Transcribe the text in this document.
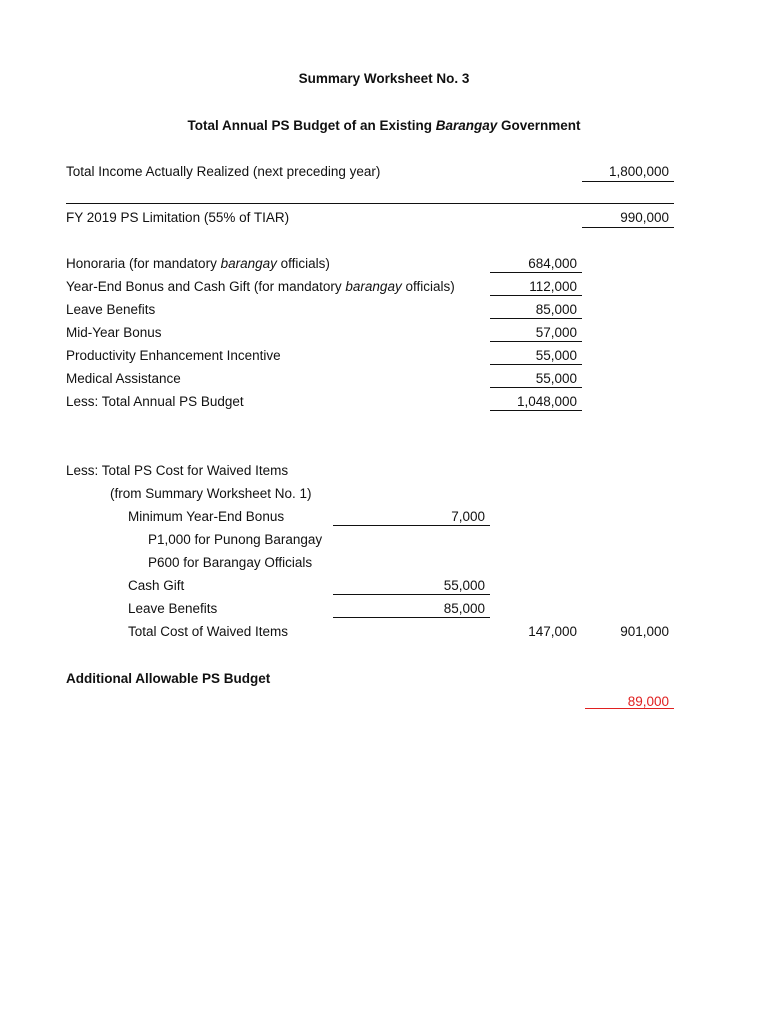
Summary Worksheet No. 3
Total Annual PS Budget of an Existing Barangay Government
Total Income Actually Realized (next preceding year)	1,800,000
FY 2019 PS Limitation (55% of TIAR)	990,000
Honoraria (for mandatory barangay officials)	684,000
Year-End Bonus and Cash Gift (for mandatory barangay officials)	112,000
Leave Benefits	85,000
Mid-Year Bonus	57,000
Productivity Enhancement Incentive	55,000
Medical Assistance	55,000
Less: Total Annual PS Budget	1,048,000
Less: Total PS Cost for Waived Items
(from Summary Worksheet No. 1)
Minimum Year-End Bonus	7,000
P1,000 for Punong Barangay
P600 for Barangay Officials
Cash Gift	55,000
Leave Benefits	85,000
Total Cost of Waived Items	147,000	901,000
Additional Allowable PS Budget
89,000
